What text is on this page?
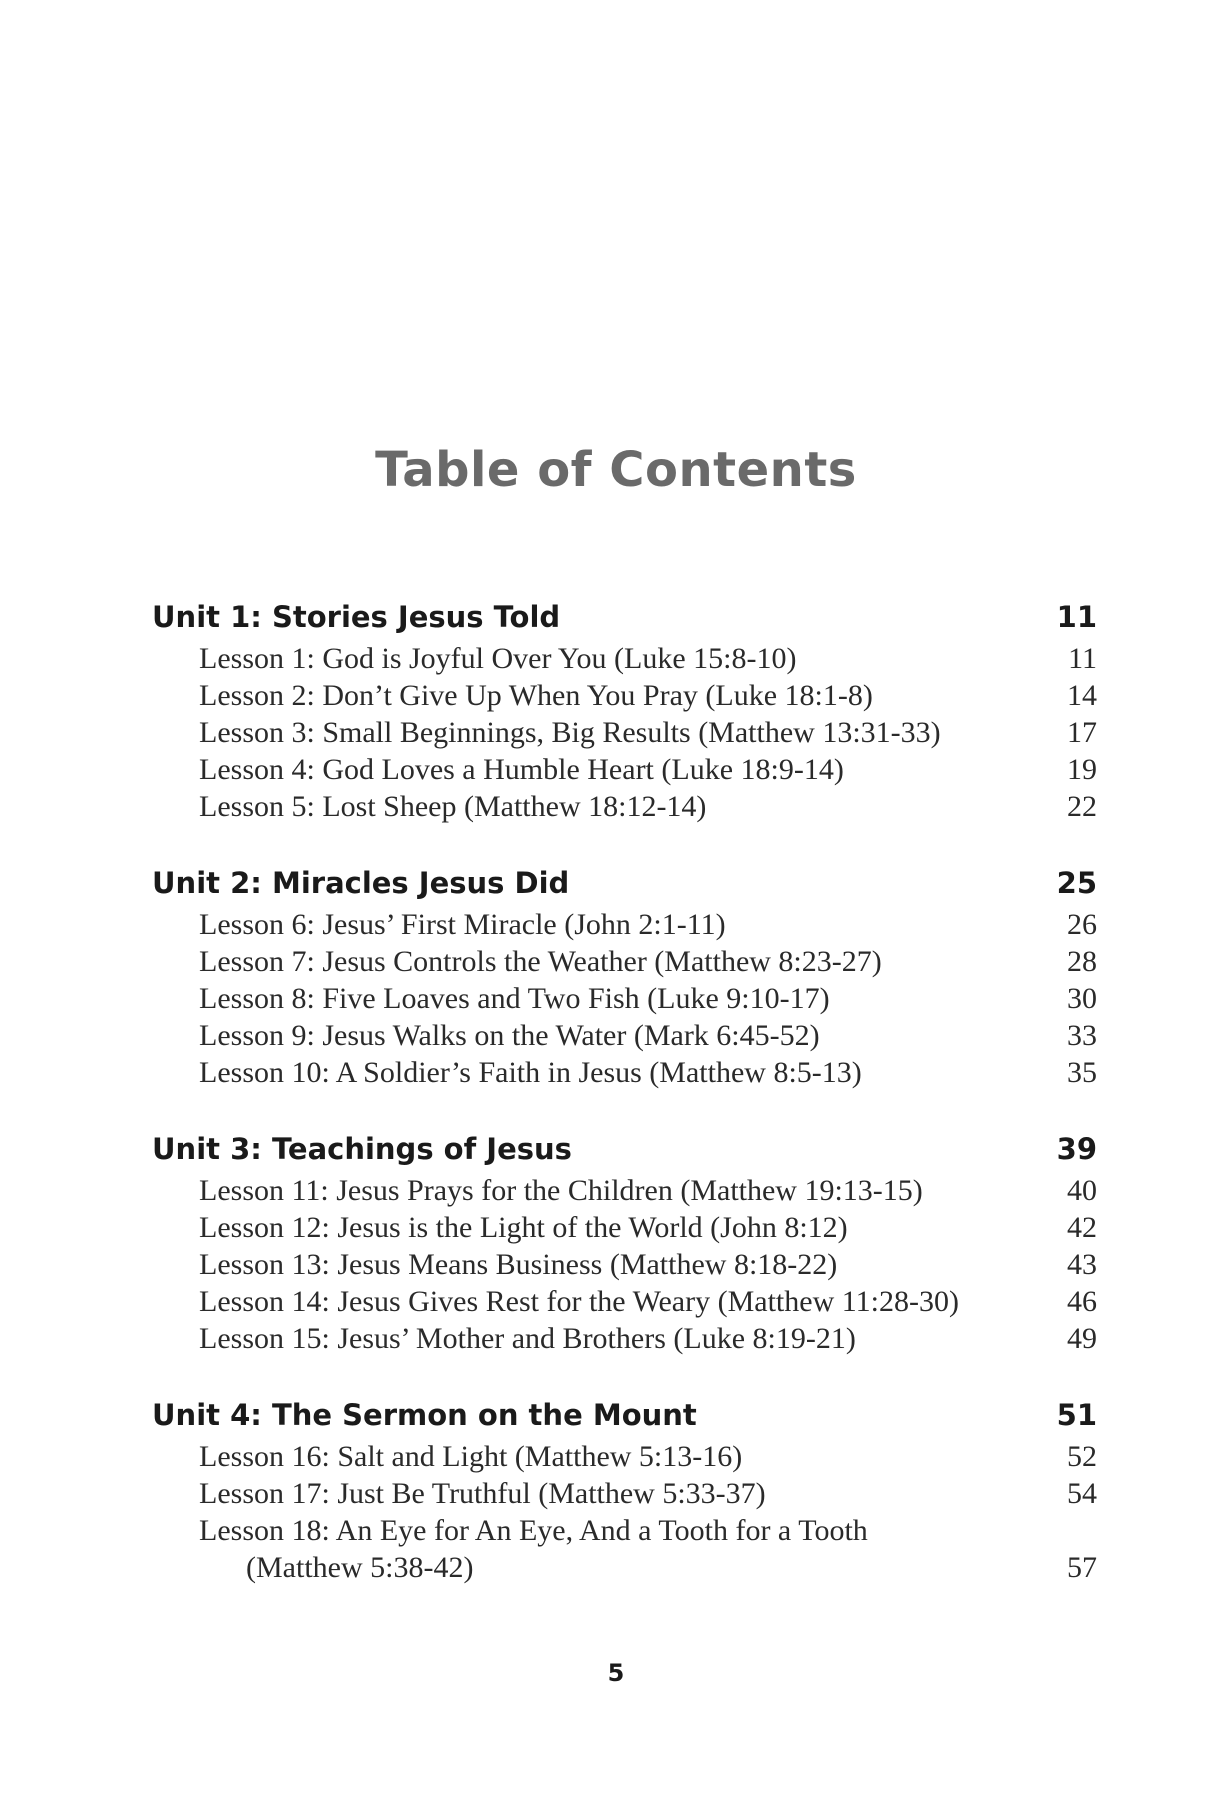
Table of Contents
Unit 1: Stories Jesus Told	11
Lesson 1: God is Joyful Over You (Luke 15:8-10)	11
Lesson 2: Don’t Give Up When You Pray (Luke 18:1-8)	14
Lesson 3: Small Beginnings, Big Results (Matthew 13:31-33)	17
Lesson 4: God Loves a Humble Heart (Luke 18:9-14)	19
Lesson 5: Lost Sheep (Matthew 18:12-14)	22
Unit 2: Miracles Jesus Did	25
Lesson 6: Jesus’ First Miracle (John 2:1-11)	26
Lesson 7: Jesus Controls the Weather (Matthew 8:23-27)	28
Lesson 8: Five Loaves and Two Fish (Luke 9:10-17)	30
Lesson 9: Jesus Walks on the Water (Mark 6:45-52)	33
Lesson 10: A Soldier’s Faith in Jesus (Matthew 8:5-13)	35
Unit 3: Teachings of Jesus	39
Lesson 11: Jesus Prays for the Children (Matthew 19:13-15)	40
Lesson 12: Jesus is the Light of the World (John 8:12)	42
Lesson 13: Jesus Means Business (Matthew 8:18-22)	43
Lesson 14: Jesus Gives Rest for the Weary (Matthew 11:28-30)	46
Lesson 15: Jesus’ Mother and Brothers (Luke 8:19-21)	49
Unit 4: The Sermon on the Mount	51
Lesson 16: Salt and Light (Matthew 5:13-16)	52
Lesson 17: Just Be Truthful (Matthew 5:33-37)	54
Lesson 18: An Eye for An Eye, And a Tooth for a Tooth
(Matthew 5:38-42)	57
5
